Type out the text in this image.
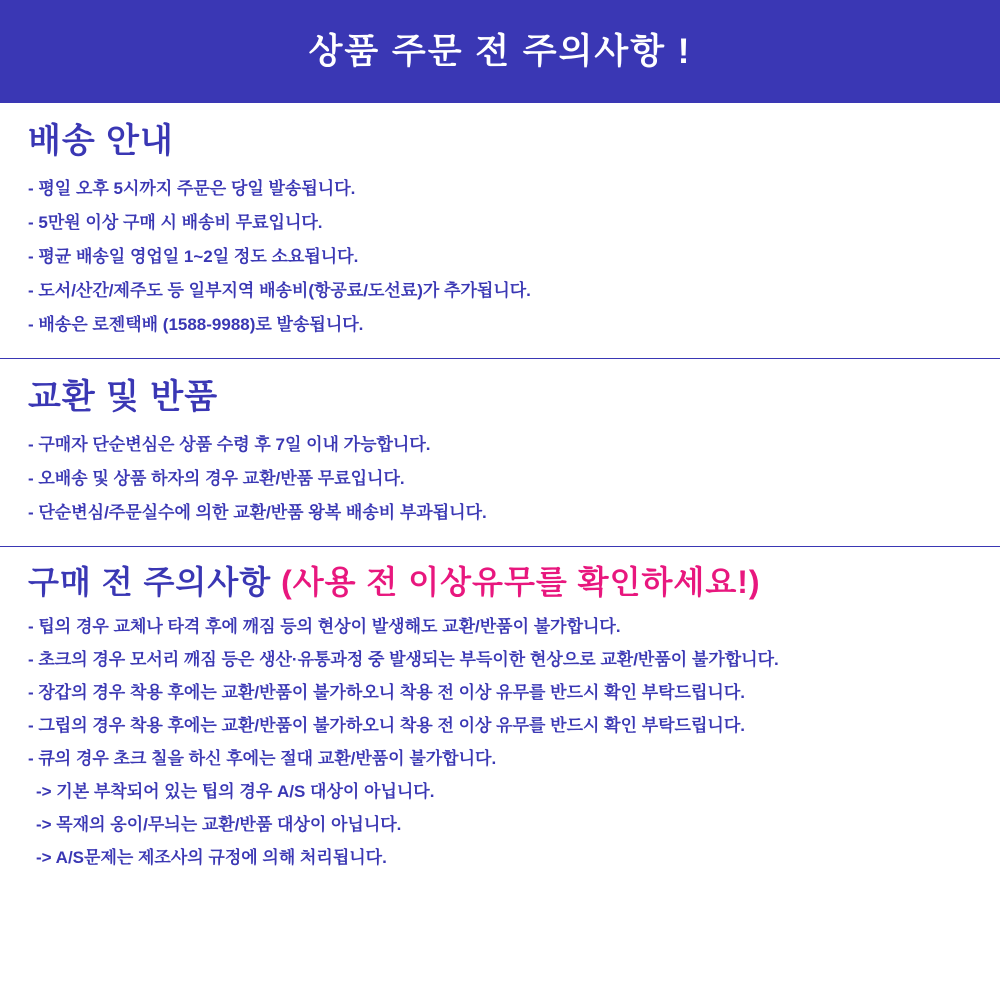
상품 주문 전 주의사항 !
배송 안내
- 평일 오후 5시까지 주문은 당일 발송됩니다.
- 5만원 이상 구매 시 배송비 무료입니다.
- 평균 배송일 영업일 1~2일 정도 소요됩니다.
- 도서/산간/제주도 등 일부지역 배송비(항공료/도선료)가 추가됩니다.
- 배송은 로젠택배 (1588-9988)로 발송됩니다.
교환 및 반품
- 구매자 단순변심은 상품 수령 후 7일 이내 가능합니다.
- 오배송 및 상품 하자의 경우 교환/반품 무료입니다.
- 단순변심/주문실수에 의한 교환/반품 왕복 배송비 부과됩니다.
구매 전 주의사항 (사용 전 이상유무를 확인하세요!)
- 팁의 경우 교체나 타격 후에 깨짐 등의 현상이 발생해도 교환/반품이 불가합니다.
- 초크의 경우 모서리 깨짐 등은 생산·유통과정 중 발생되는 부득이한 현상으로 교환/반품이 불가합니다.
- 장갑의 경우 착용 후에는 교환/반품이 불가하오니 착용 전 이상 유무를 반드시 확인 부탁드립니다.
- 그립의 경우 착용 후에는 교환/반품이 불가하오니 착용 전 이상 유무를 반드시 확인 부탁드립니다.
- 큐의 경우 초크 칠을 하신 후에는 절대 교환/반품이 불가합니다.
-> 기본 부착되어 있는 팁의 경우 A/S 대상이 아닙니다.
-> 목재의 옹이/무늬는 교환/반품 대상이 아닙니다.
-> A/S문제는 제조사의 규정에 의해 처리됩니다.
